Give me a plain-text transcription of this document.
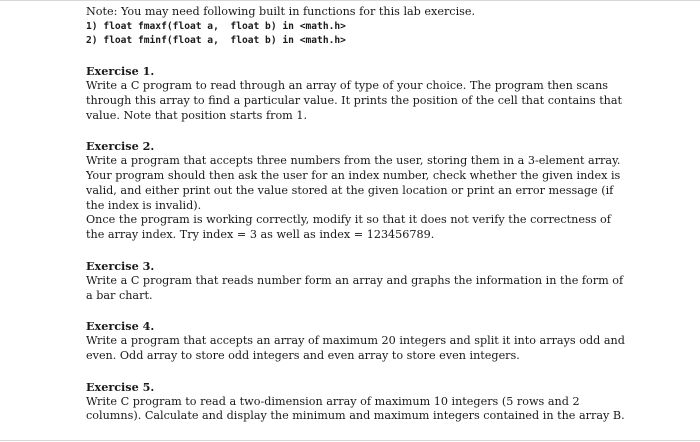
Note: You may need following built in functions for this lab exercise.

1) float fmaxf(float a,  float b) in <math.h>

2) float fminf(float a,  float b) in <math.h>

Exercise 1.

Write a C program to read through an array of type of your choice. The program then scans through this array to find a particular value. It prints the position of the cell that contains that value. Note that position starts from 1.

Exercise 2.

Write a program that accepts three numbers from the user, storing them in a 3-element array. Your program should then ask the user for an index number, check whether the given index is valid, and either print out the value stored at the given location or print an error message (if the index is invalid).

Once the program is working correctly, modify it so that it does not verify the correctness of the array index. Try index = 3 as well as index = 123456789.

Exercise 3.

Write a C program that reads number form an array and graphs the information in the form of a bar chart.

Exercise 4.

Write a program that accepts an array of maximum 20 integers and split it into arrays odd and even. Odd array to store odd integers and even array to store even integers.

Exercise 5.

Write C program to read a two-dimension array of maximum 10 integers (5 rows and 2 columns). Calculate and display the minimum and maximum integers contained in the array B.
